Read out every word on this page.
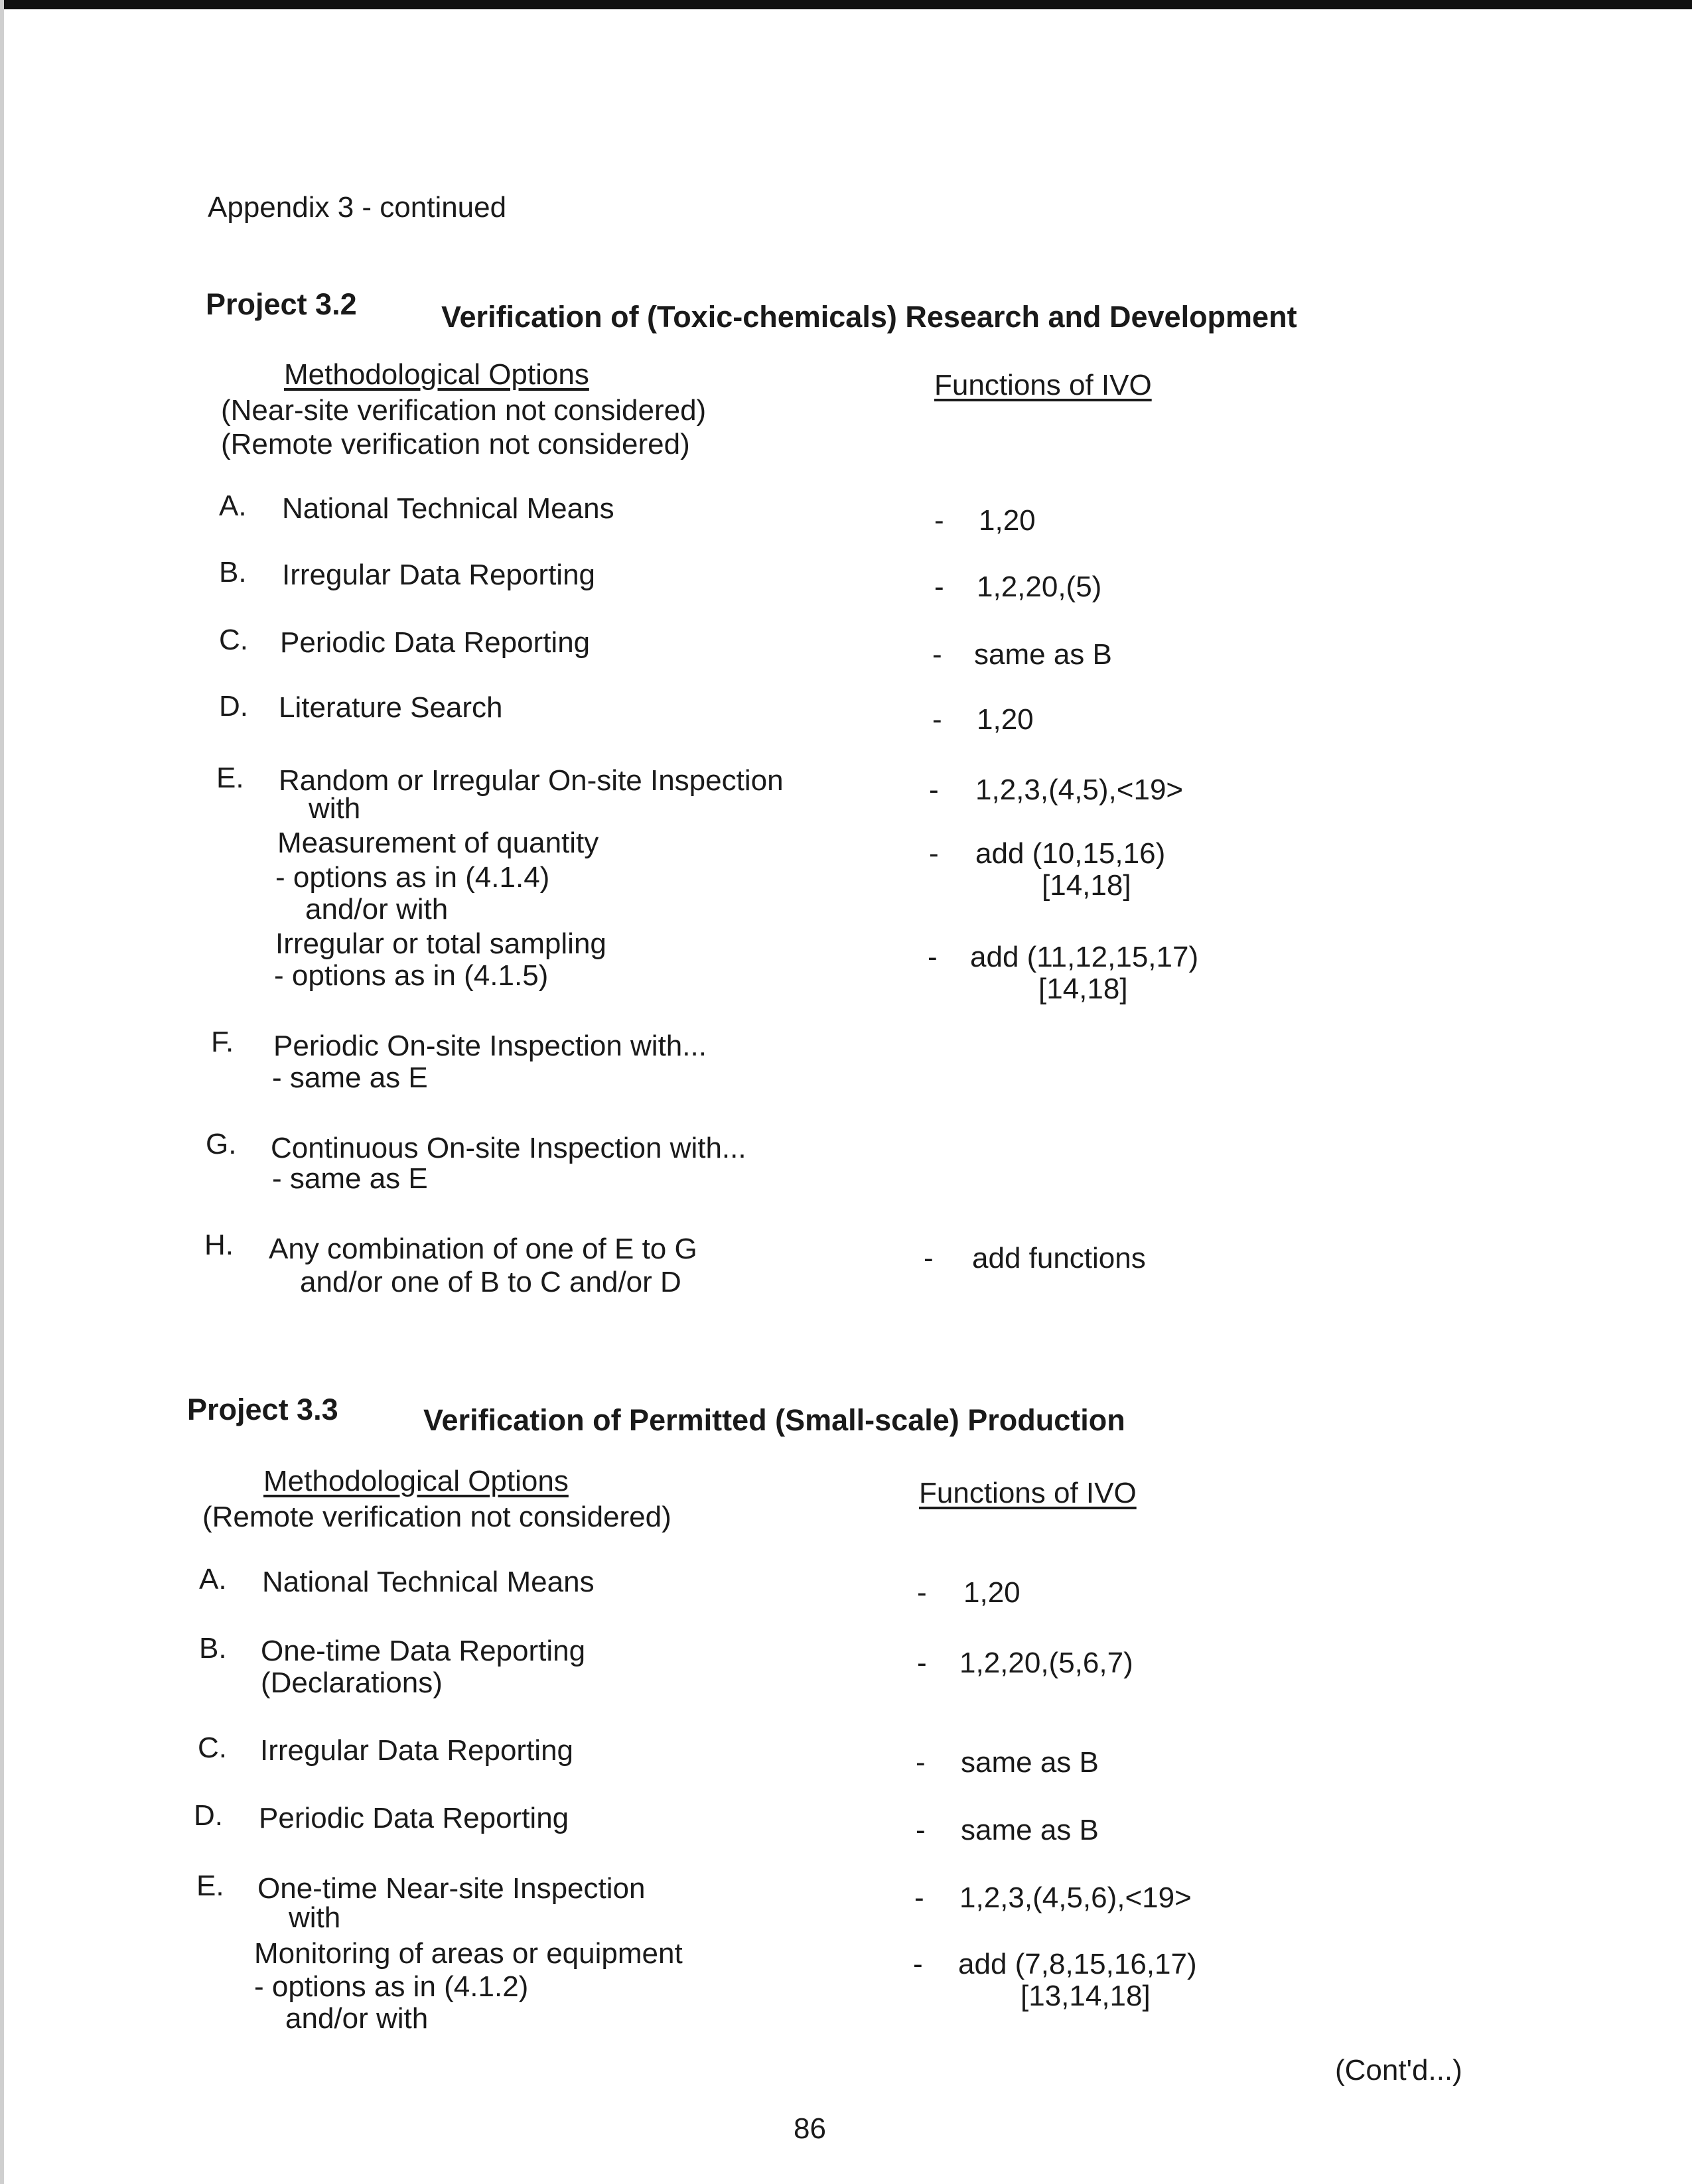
Appendix 3 - continued
Project 3.2	Verification of (Toxic-chemicals) Research and Development
Methodological Options
(Near-site verification not considered)
(Remote verification not considered)
Functions of IVO
A. National Technical Means
B. Irregular Data Reporting
C. Periodic Data Reporting
D. Literature Search
E. Random or Irregular On-site Inspection
with
Measurement of quantity
- options as in (4.1.4)
and/or with
Irregular or total sampling
- options as in (4.1.5)
F. Periodic On-site Inspection with...
- same as E
G. Continuous On-site Inspection with...
- same as E
H. Any combination of one of E to G
and/or one of B to C and/or D
- 1,20
- 1,2,20,(5)
- same as B
- 1,20
- 1,2,3,(4,5),<19>
- add (10,15,16)
[14,18]
- add (11,12,15,17)
[14,18]
- add functions
Project 3.3	Verification of Permitted (Small-scale) Production
Methodological Options
(Remote verification not considered)
Functions of IVO
A. National Technical Means
B. One-time Data Reporting
(Declarations)
C. Irregular Data Reporting
D. Periodic Data Reporting
E. One-time Near-site Inspection
with
Monitoring of areas or equipment
- options as in (4.1.2)
and/or with
- 1,20
- 1,2,20,(5,6,7)
- same as B
- same as B
- 1,2,3,(4,5,6),<19>
- add (7,8,15,16,17)
[13,14,18]
(Cont'd...)
86
